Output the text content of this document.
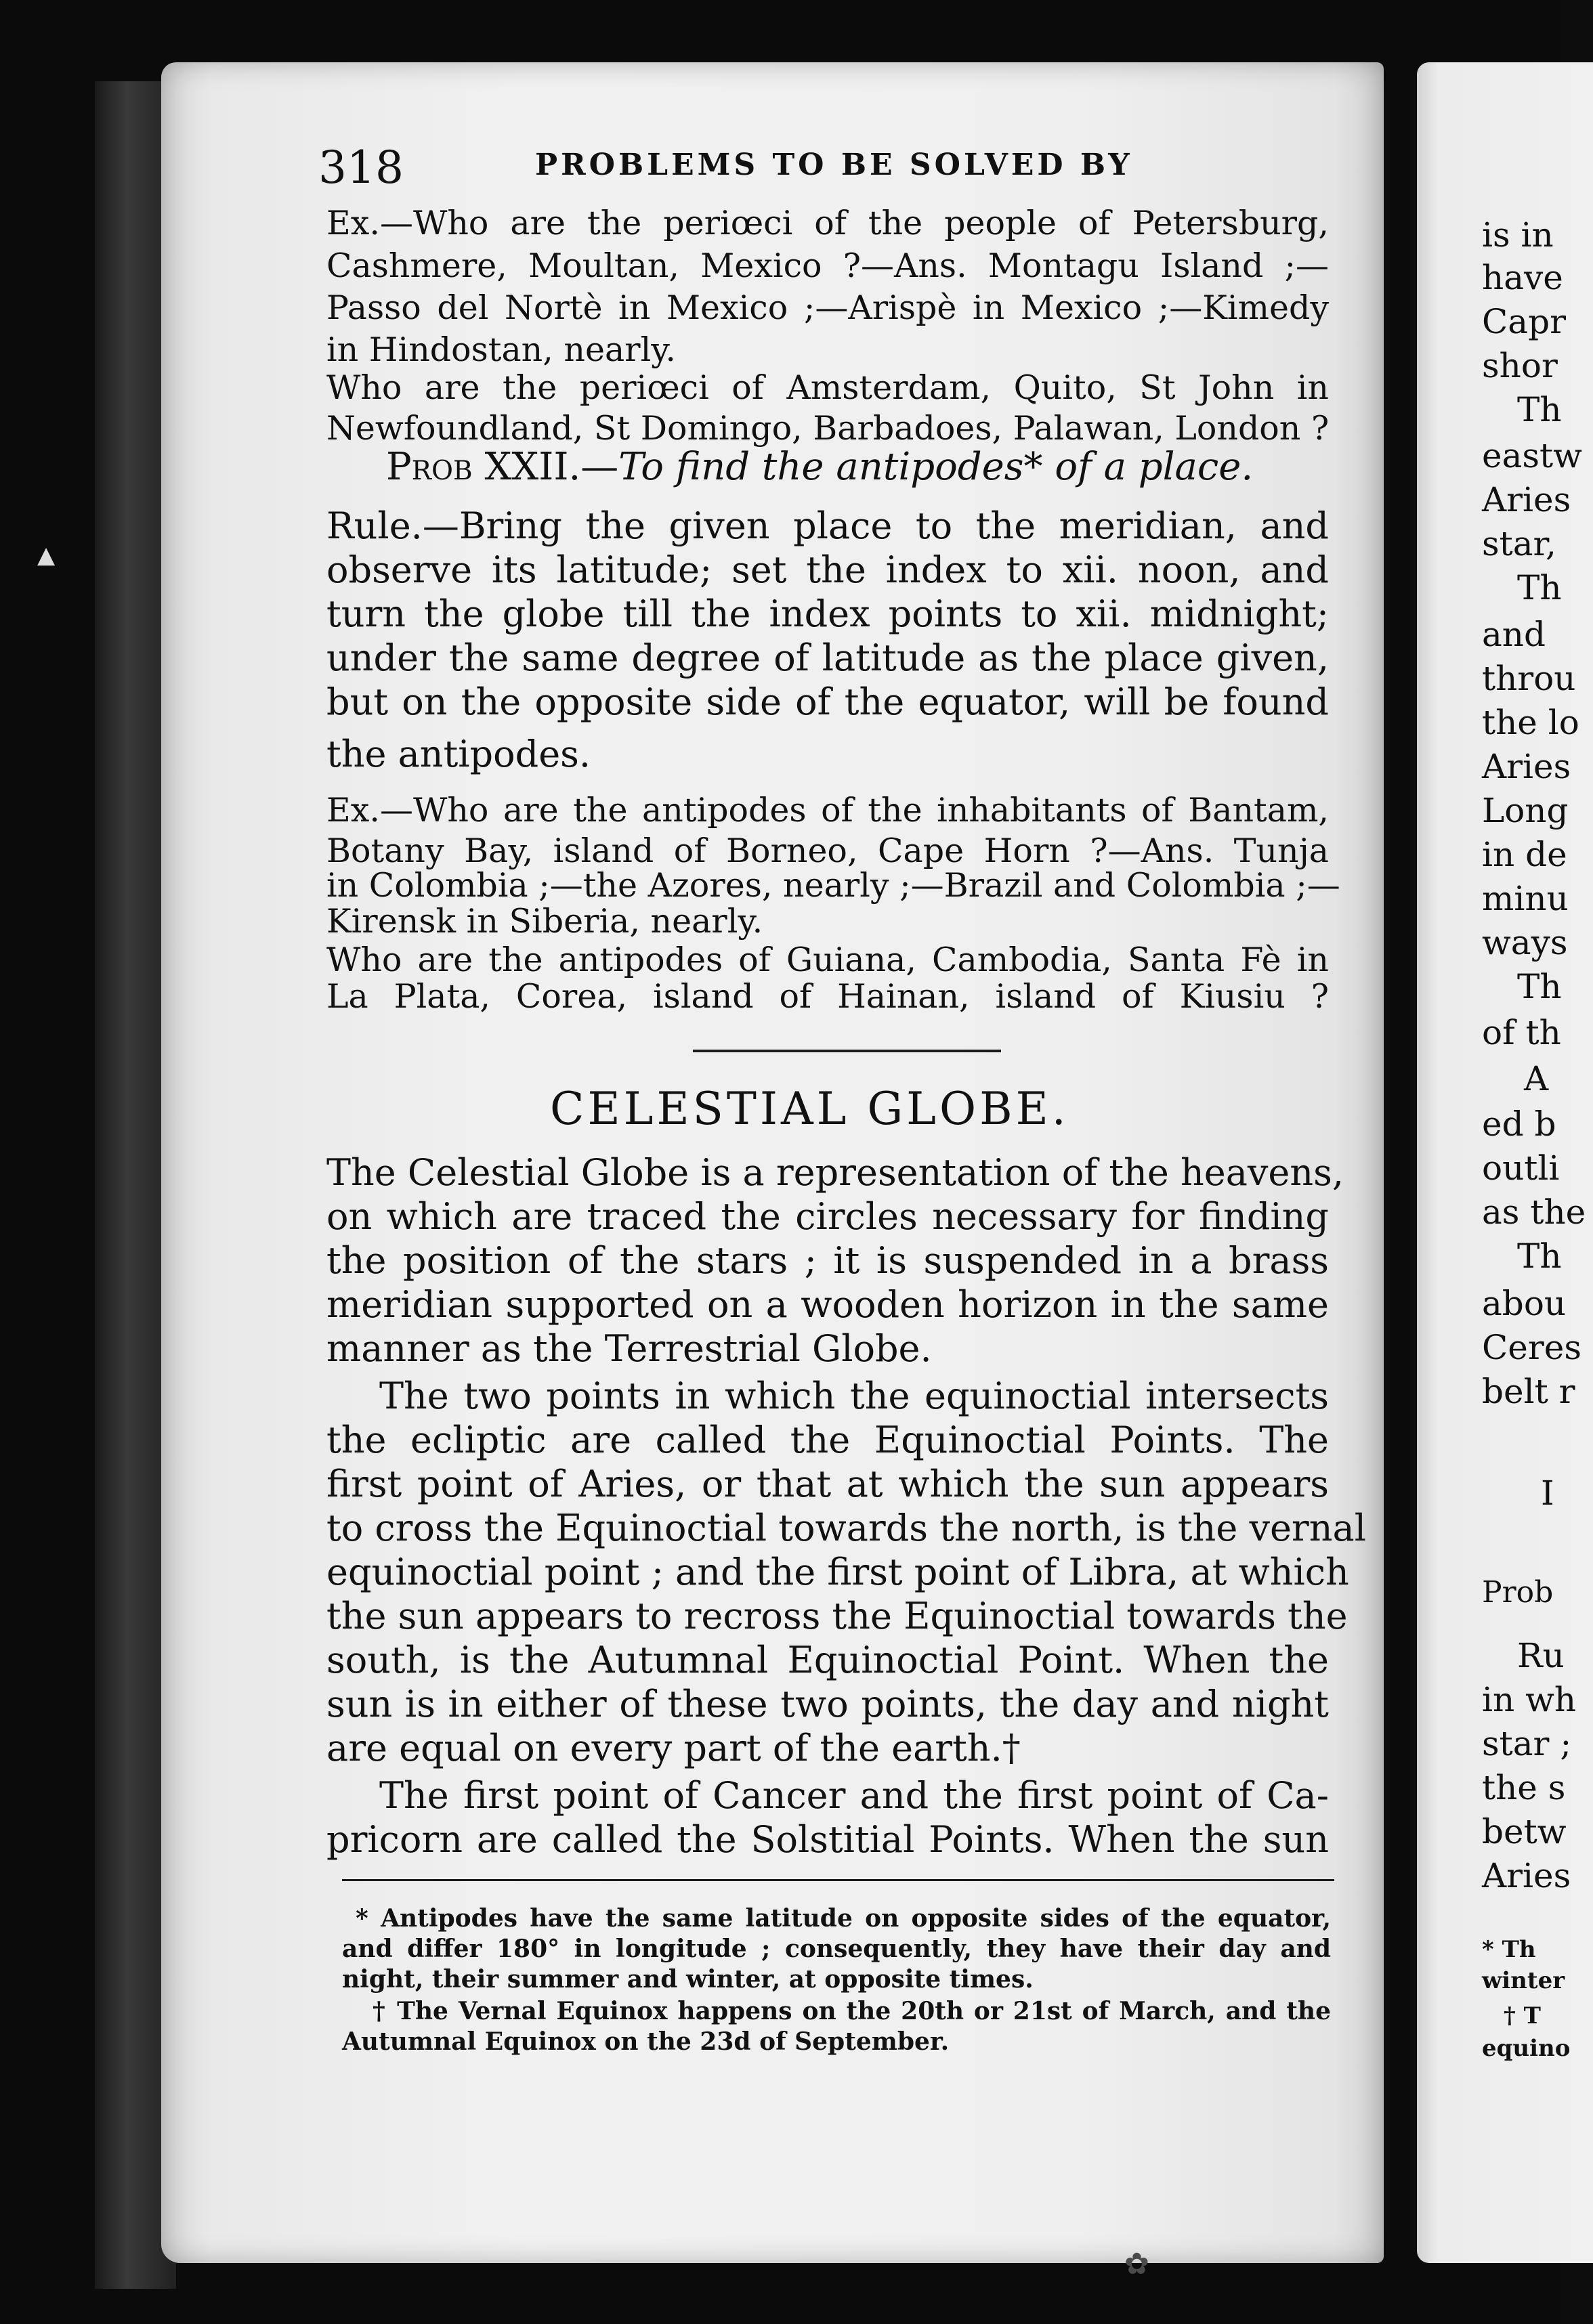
▲
318	PROBLEMS TO BE SOLVED BY
Ex.—Who are the periœci of the people of Petersburg,
Cashmere, Moultan, Mexico ?—Ans. Montagu Island ;—
Passo del Nortè in Mexico ;—Arispè in Mexico ;—Kimedy
in Hindostan, nearly.
Who are the periœci of Amsterdam, Quito, St John in
Newfoundland, St Domingo, Barbadoes, Palawan, London ?
Prob XXII.—To find the antipodes* of a place.
Rule.—Bring the given place to the meridian, and
observe its latitude; set the index to xii. noon, and
turn the globe till the index points to xii. midnight;
under the same degree of latitude as the place given,
but on the opposite side of the equator, will be found
the antipodes.
Ex.—Who are the antipodes of the inhabitants of Bantam,
Botany Bay, island of Borneo, Cape Horn ?—Ans. Tunja
in Colombia ;—the Azores, nearly ;—Brazil and Colombia ;—
Kirensk in Siberia, nearly.
Who are the antipodes of Guiana, Cambodia, Santa Fè in
La Plata, Corea, island of Hainan, island of Kiusiu ?
CELESTIAL GLOBE.
The Celestial Globe is a representation of the heavens,
on which are traced the circles necessary for finding
the position of the stars ; it is suspended in a brass
meridian supported on a wooden horizon in the same
manner as the Terrestrial Globe.
The two points in which the equinoctial intersects
the ecliptic are called the Equinoctial Points. The
first point of Aries, or that at which the sun appears
to cross the Equinoctial towards the north, is the vernal
equinoctial point ; and the first point of Libra, at which
the sun appears to recross the Equinoctial towards the
south, is the Autumnal Equinoctial Point. When the
sun is in either of these two points, the day and night
are equal on every part of the earth.†
The first point of Cancer and the first point of Ca-
pricorn are called the Solstitial Points. When the sun
* Antipodes have the same latitude on opposite sides of the equator,
and differ 180° in longitude ; consequently, they have their day and
night, their summer and winter, at opposite times.
† The Vernal Equinox happens on the 20th or 21st of March, and the
Autumnal Equinox on the 23d of September.
is in
have
Capr
shor
Th
eastw
Aries
star,
Th
and
throu
the lo
Aries
Long
in de
minu
ways
Th
of th
A
ed b
outli
as the
Th
abou
Ceres
belt r
I
Prob
Ru
in wh
star ;
the s
betw
Aries
* Th
winter
† T
equino
✿
